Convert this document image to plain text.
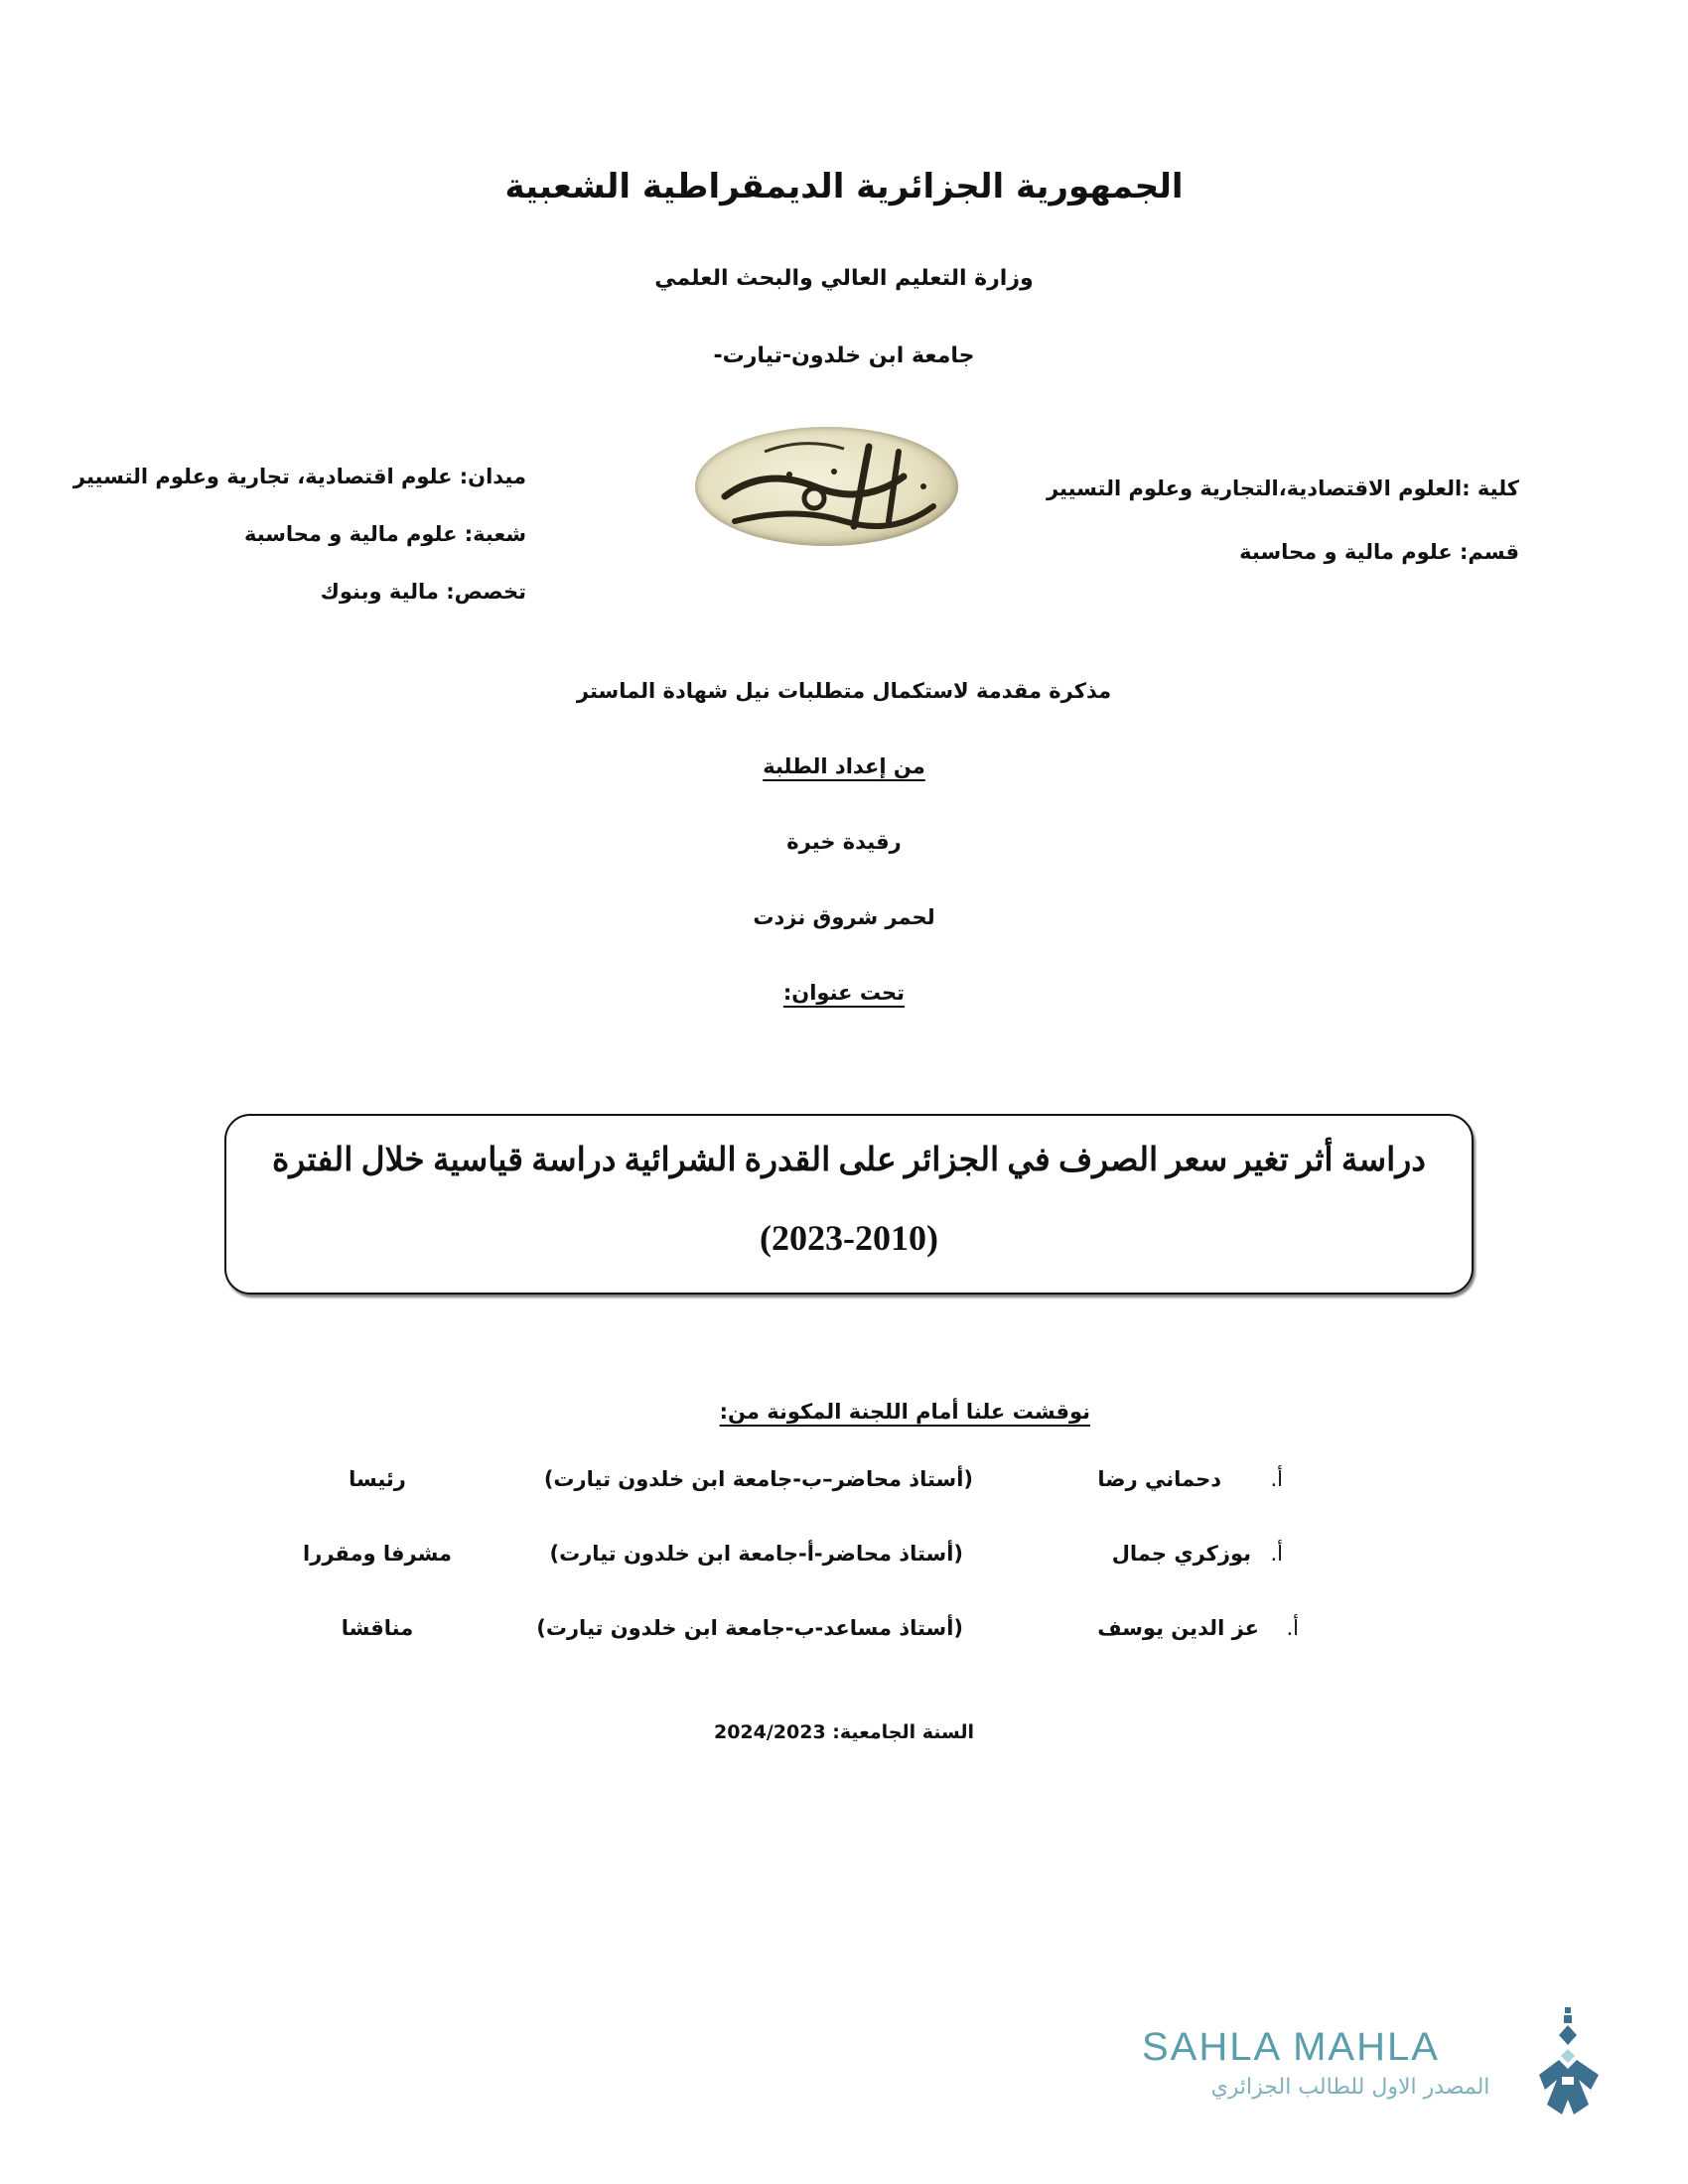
الجمهورية الجزائرية الديمقراطية الشعبية
وزارة التعليم العالي والبحث العلمي
جامعة ابن خلدون-تيارت-
كلية :العلوم الاقتصادية،التجارية وعلوم التسيير
قسم: علوم مالية و محاسبة
ميدان: علوم اقتصادية، تجارية وعلوم التسيير
شعبة: علوم مالية و محاسبة
تخصص: مالية وبنوك
مذكرة مقدمة لاستكمال متطلبات نيل شهادة الماستر
من إعداد الطلبة
رقيدة خيرة
لحمر شروق نزدت
تحت عنوان:
دراسة أثر تغير سعر الصرف في الجزائر على القدرة الشرائية دراسة قياسية خلال الفترة
(2023-2010)
نوقشت علنا أمام اللجنة المكونة من:
أ.
دحماني رضا
(أستاذ محاضر–ب-جامعة ابن خلدون تيارت)
رئيسا
أ.
بوزكري جمال
(أستاذ محاضر-أ-جامعة ابن خلدون تيارت)
مشرفا ومقررا
أ.
عز الدين يوسف
(أستاذ مساعد-ب-جامعة ابن خلدون تيارت)
مناقشا
السنة الجامعية: 2024/2023
SAHLA MAHLA
المصدر الاول للطالب الجزائري
